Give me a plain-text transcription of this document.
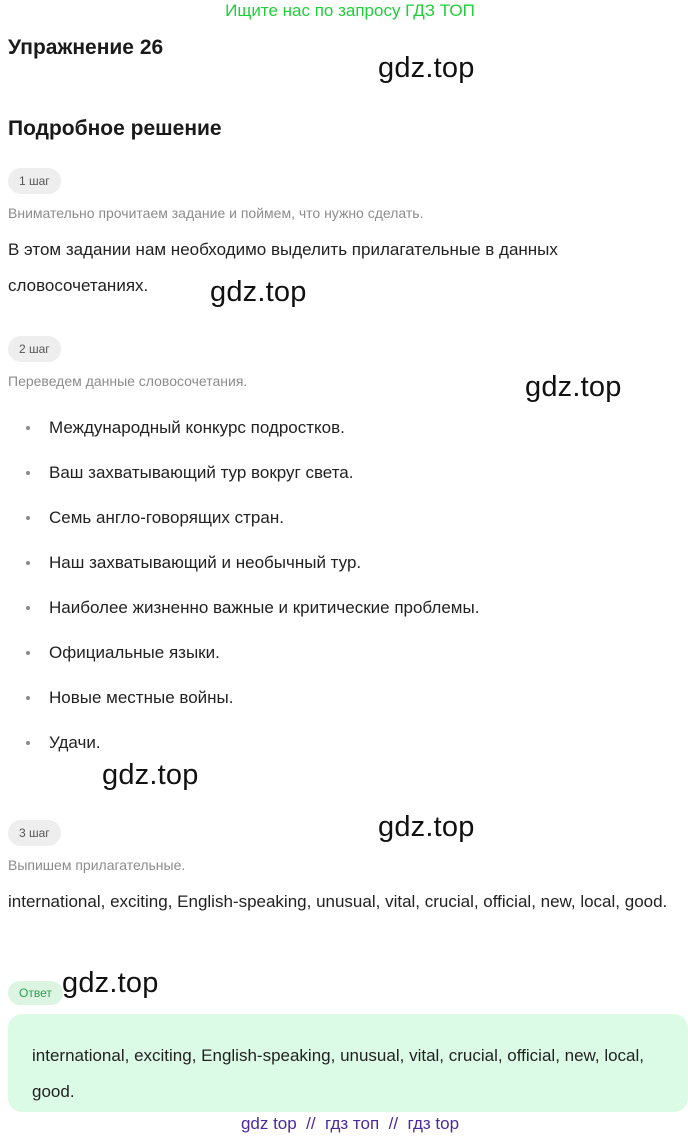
Ищите нас по запросу ГДЗ ТОП
Упражнение 26
gdz.top
Подробное решение
1 шаг
Внимательно прочитаем задание и поймем, что нужно сделать.
В этом задании нам необходимо выделить прилагательные в данных словосочетаниях.	gdz.top
2 шаг
Переведем данные словосочетания.	gdz.top
Международный конкурс подростков.
Ваш захватывающий тур вокруг света.
Семь англо-говорящих стран.
Наш захватывающий и необычный тур.
Наиболее жизненно важные и критические проблемы.
Официальные языки.
Новые местные войны.
Удачи.
gdz.top
3 шаг	gdz.top
Выпишем прилагательные.
international, exciting, English-speaking, unusual, vital, crucial, official, new, local, good.
Ответ gdz.top
international, exciting, English-speaking, unusual, vital, crucial, official, new, local, good.
gdz top  //  гдз топ  //  гдз top
